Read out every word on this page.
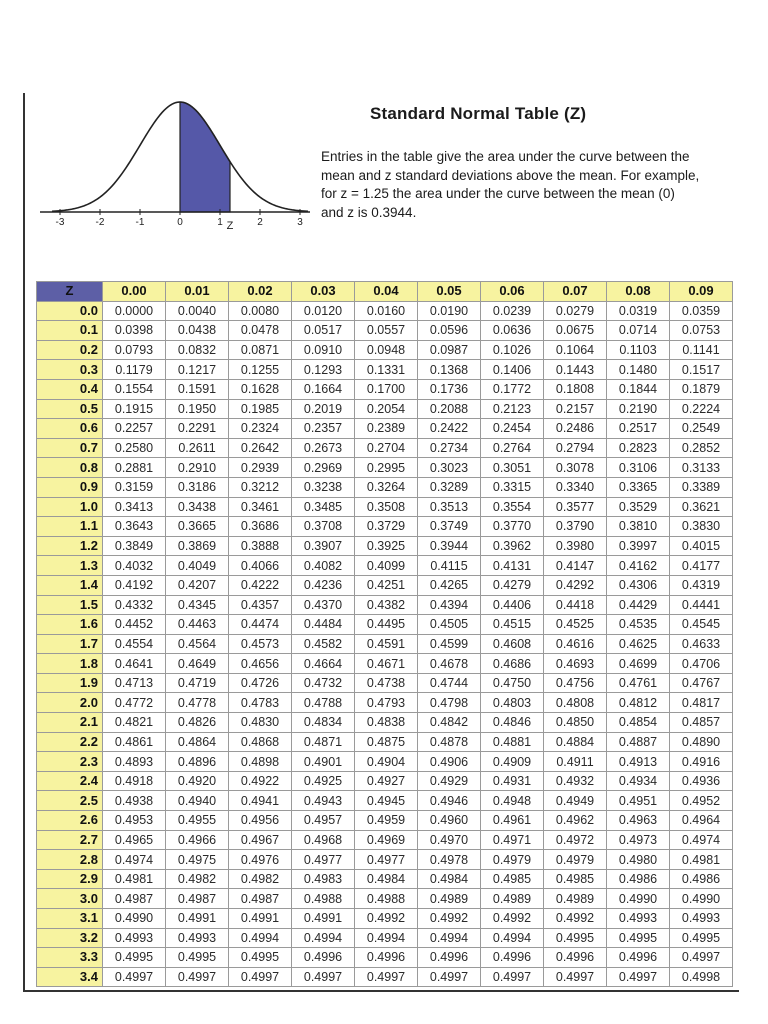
-3	-2	-1	0	1	2	3
Z
Standard Normal Table (Z)
Entries in the table give the area under the curve between the mean and z standard deviations above the mean. For example, for z = 1.25 the area under the curve between the mean (0) and z is 0.3944.
Z	0.00	0.01	0.02	0.03	0.04	0.05	0.06	0.07	0.08	0.09
0.0	0.0000	0.0040	0.0080	0.0120	0.0160	0.0190	0.0239	0.0279	0.0319	0.0359
0.1	0.0398	0.0438	0.0478	0.0517	0.0557	0.0596	0.0636	0.0675	0.0714	0.0753
0.2	0.0793	0.0832	0.0871	0.0910	0.0948	0.0987	0.1026	0.1064	0.1103	0.1141
0.3	0.1179	0.1217	0.1255	0.1293	0.1331	0.1368	0.1406	0.1443	0.1480	0.1517
0.4	0.1554	0.1591	0.1628	0.1664	0.1700	0.1736	0.1772	0.1808	0.1844	0.1879
0.5	0.1915	0.1950	0.1985	0.2019	0.2054	0.2088	0.2123	0.2157	0.2190	0.2224
0.6	0.2257	0.2291	0.2324	0.2357	0.2389	0.2422	0.2454	0.2486	0.2517	0.2549
0.7	0.2580	0.2611	0.2642	0.2673	0.2704	0.2734	0.2764	0.2794	0.2823	0.2852
0.8	0.2881	0.2910	0.2939	0.2969	0.2995	0.3023	0.3051	0.3078	0.3106	0.3133
0.9	0.3159	0.3186	0.3212	0.3238	0.3264	0.3289	0.3315	0.3340	0.3365	0.3389
1.0	0.3413	0.3438	0.3461	0.3485	0.3508	0.3513	0.3554	0.3577	0.3529	0.3621
1.1	0.3643	0.3665	0.3686	0.3708	0.3729	0.3749	0.3770	0.3790	0.3810	0.3830
1.2	0.3849	0.3869	0.3888	0.3907	0.3925	0.3944	0.3962	0.3980	0.3997	0.4015
1.3	0.4032	0.4049	0.4066	0.4082	0.4099	0.4115	0.4131	0.4147	0.4162	0.4177
1.4	0.4192	0.4207	0.4222	0.4236	0.4251	0.4265	0.4279	0.4292	0.4306	0.4319
1.5	0.4332	0.4345	0.4357	0.4370	0.4382	0.4394	0.4406	0.4418	0.4429	0.4441
1.6	0.4452	0.4463	0.4474	0.4484	0.4495	0.4505	0.4515	0.4525	0.4535	0.4545
1.7	0.4554	0.4564	0.4573	0.4582	0.4591	0.4599	0.4608	0.4616	0.4625	0.4633
1.8	0.4641	0.4649	0.4656	0.4664	0.4671	0.4678	0.4686	0.4693	0.4699	0.4706
1.9	0.4713	0.4719	0.4726	0.4732	0.4738	0.4744	0.4750	0.4756	0.4761	0.4767
2.0	0.4772	0.4778	0.4783	0.4788	0.4793	0.4798	0.4803	0.4808	0.4812	0.4817
2.1	0.4821	0.4826	0.4830	0.4834	0.4838	0.4842	0.4846	0.4850	0.4854	0.4857
2.2	0.4861	0.4864	0.4868	0.4871	0.4875	0.4878	0.4881	0.4884	0.4887	0.4890
2.3	0.4893	0.4896	0.4898	0.4901	0.4904	0.4906	0.4909	0.4911	0.4913	0.4916
2.4	0.4918	0.4920	0.4922	0.4925	0.4927	0.4929	0.4931	0.4932	0.4934	0.4936
2.5	0.4938	0.4940	0.4941	0.4943	0.4945	0.4946	0.4948	0.4949	0.4951	0.4952
2.6	0.4953	0.4955	0.4956	0.4957	0.4959	0.4960	0.4961	0.4962	0.4963	0.4964
2.7	0.4965	0.4966	0.4967	0.4968	0.4969	0.4970	0.4971	0.4972	0.4973	0.4974
2.8	0.4974	0.4975	0.4976	0.4977	0.4977	0.4978	0.4979	0.4979	0.4980	0.4981
2.9	0.4981	0.4982	0.4982	0.4983	0.4984	0.4984	0.4985	0.4985	0.4986	0.4986
3.0	0.4987	0.4987	0.4987	0.4988	0.4988	0.4989	0.4989	0.4989	0.4990	0.4990
3.1	0.4990	0.4991	0.4991	0.4991	0.4992	0.4992	0.4992	0.4992	0.4993	0.4993
3.2	0.4993	0.4993	0.4994	0.4994	0.4994	0.4994	0.4994	0.4995	0.4995	0.4995
3.3	0.4995	0.4995	0.4995	0.4996	0.4996	0.4996	0.4996	0.4996	0.4996	0.4997
3.4	0.4997	0.4997	0.4997	0.4997	0.4997	0.4997	0.4997	0.4997	0.4997	0.4998
